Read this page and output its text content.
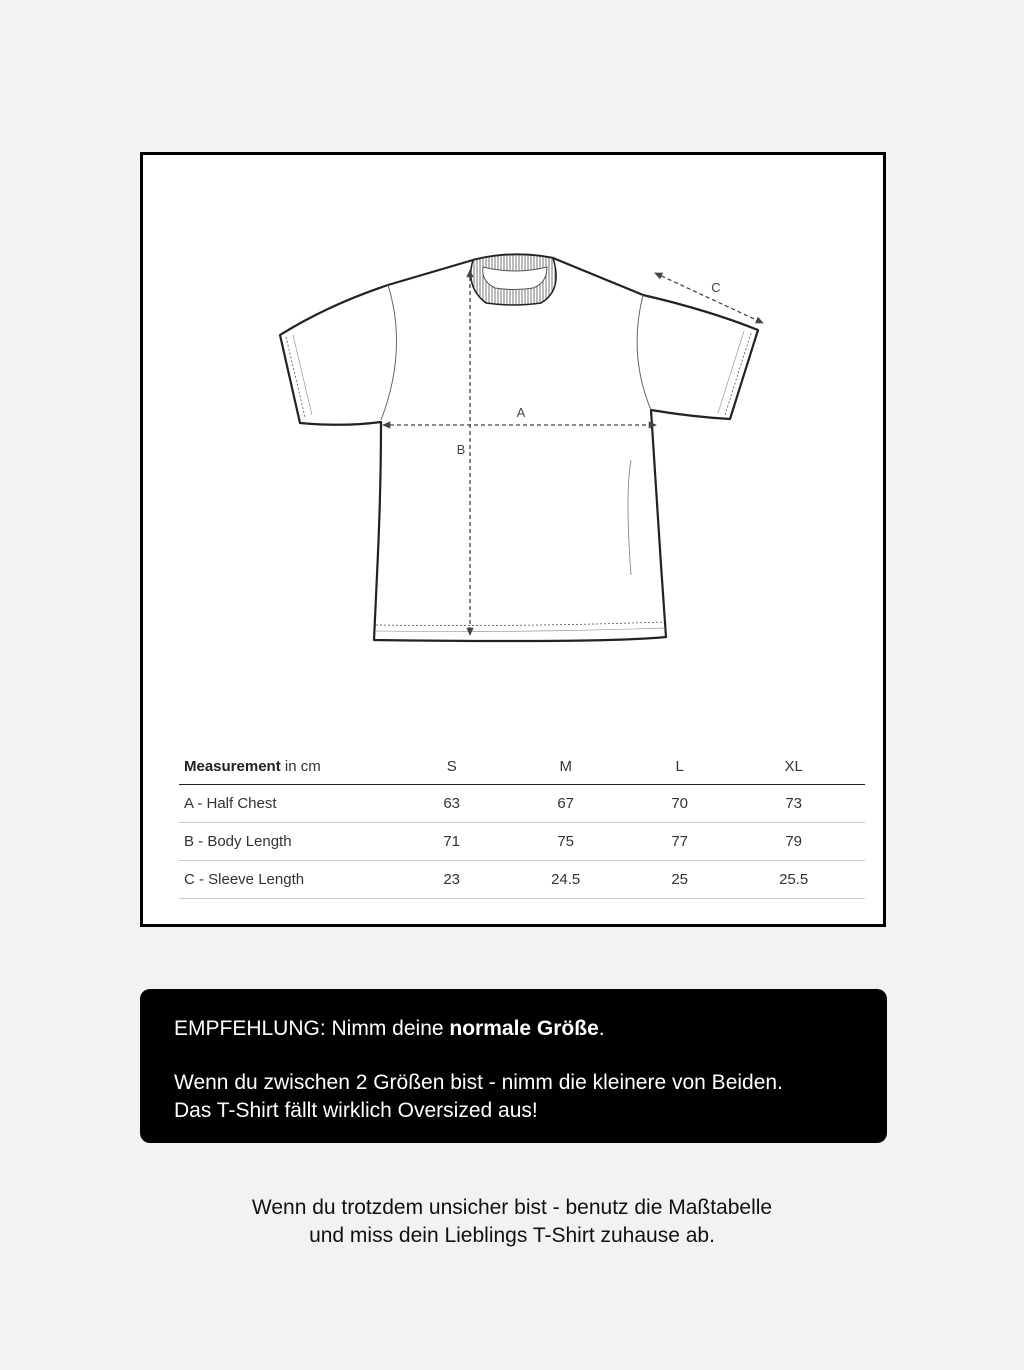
A
B
C
Measurement in cm	S	M	L	XL
A - Half Chest	63	67	70	73
B - Body Length	71	75	77	79
C - Sleeve Length	23	24.5	25	25.5

EMPFEHLUNG: Nimm deine normale Größe.

Wenn du zwischen 2 Größen bist - nimm die kleinere von Beiden.
Das T-Shirt fällt wirklich Oversized aus!

Wenn du trotzdem unsicher bist - benutz die Maßtabelle

und miss dein Lieblings T-Shirt zuhause ab.
